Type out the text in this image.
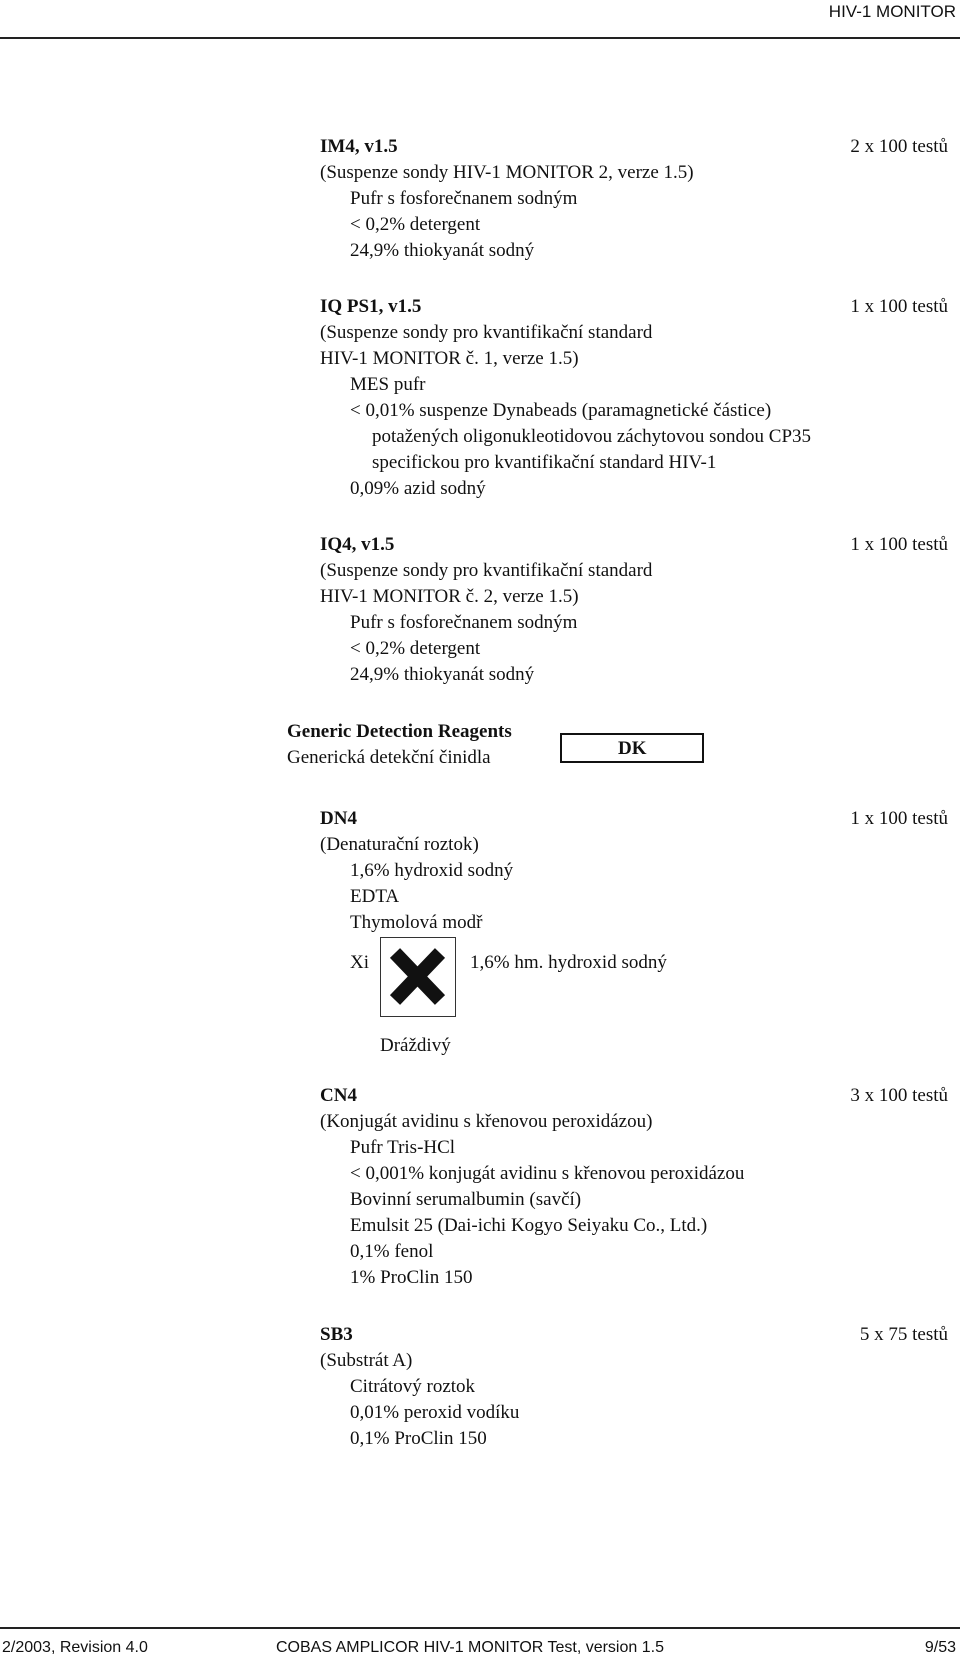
HIV-1 MONITOR
IM4, v1.5	2 x 100 testů
(Suspenze sondy HIV-1 MONITOR 2, verze 1.5)
Pufr s fosforečnanem sodným
< 0,2% detergent
24,9% thiokyanát sodný
IQ PS1, v1.5	1 x 100 testů
(Suspenze sondy pro kvantifikační standard
HIV-1 MONITOR č. 1, verze 1.5)
MES pufr
< 0,01% suspenze Dynabeads (paramagnetické částice)
potažených oligonukleotidovou záchytovou sondou CP35
specifickou pro kvantifikační standard HIV-1
0,09% azid sodný
IQ4, v1.5	1 x 100 testů
(Suspenze sondy pro kvantifikační standard
HIV-1 MONITOR č. 2, verze 1.5)
Pufr s fosforečnanem sodným
< 0,2% detergent
24,9% thiokyanát sodný
Generic Detection Reagents
Generická detekční činidla	DK
DN4	1 x 100 testů
(Denaturační roztok)
1,6% hydroxid sodný
EDTA
Thymolová modř
Xi	1,6% hm. hydroxid sodný
Dráždivý
CN4	3 x 100 testů
(Konjugát avidinu s křenovou peroxidázou)
Pufr Tris-HCl
< 0,001% konjugát avidinu s křenovou peroxidázou
Bovinní serumalbumin (savčí)
Emulsit 25 (Dai-ichi Kogyo Seiyaku Co., Ltd.)
0,1% fenol
1% ProClin 150
SB3	5 x 75 testů
(Substrát A)
Citrátový roztok
0,01% peroxid vodíku
0,1% ProClin 150
2/2003, Revision 4.0	COBAS AMPLICOR HIV-1 MONITOR Test, version 1.5	9/53
